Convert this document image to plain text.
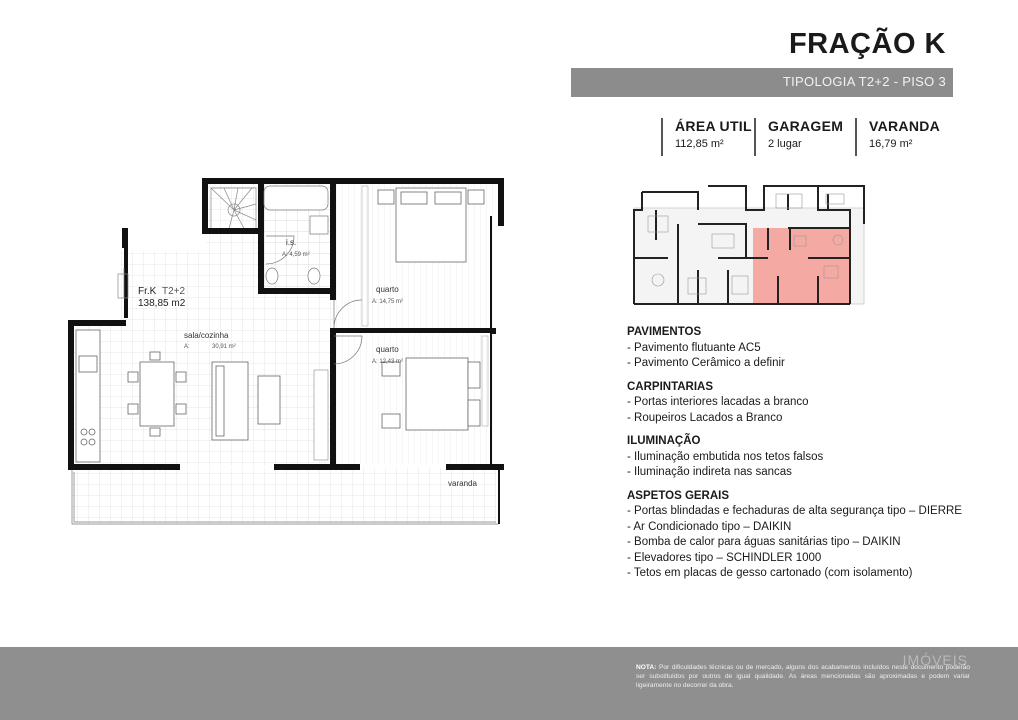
FRAÇÃO K
TIPOLOGIA T2+2 - PISO 3
ÁREA UTIL
112,85 m²
GARAGEM
2 lugar
VARANDA
16,79 m²
Fr.K T2+2
138,85 m2
i.s.
A: 4,59 m²
quarto
A: 14,75 m²
sala/cozinha
A:	30,91 m²	quarto
A: 12,43 m²
varanda
PAVIMENTOS
- Pavimento flutuante AC5
- Pavimento Cerâmico a definir
CARPINTARIAS
- Portas interiores lacadas a branco
- Roupeiros Lacados a Branco
ILUMINAÇÃO
- Iluminação embutida nos tetos falsos
- Iluminação indireta nas sancas
ASPETOS GERAIS
- Portas blindadas e fechaduras de alta segurança tipo – DIERRE
- Ar Condicionado tipo – DAIKIN
- Bomba de calor para águas sanitárias tipo – DAIKIN
- Elevadores tipo – SCHINDLER 1000
- Tetos em placas de gesso cartonado (com isolamento)
IMÓVEIS
NOTA: Por dificuldades técnicas ou de mercado, alguns dos acabamentos incluídos neste documento poderão ser substituídos por outros de igual qualidade. As áreas mencionadas são aproximadas e podem variar ligeiramente no decorrer da obra.
